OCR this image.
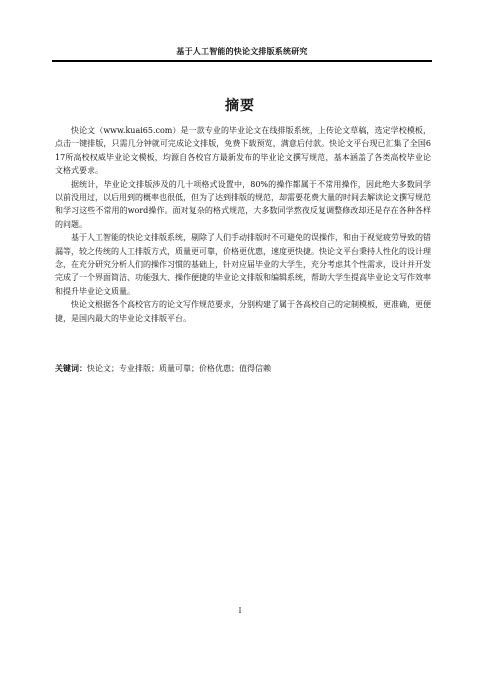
基于人工智能的快论文排版系统研究
摘要

快论文（www.kuai65.com）是一款专业的毕业论文在线排版系统，上传论文草稿，选定学校模板，点击一键排版，只需几分钟就可完成论文排版，免费下载预览，满意后付款。快论文平台现已汇集了全国617所高校权威毕业论文模板，均源自各校官方最新发布的毕业论文撰写规范，基本涵盖了各类高校毕业论文格式要求。

据统计，毕业论文排版涉及的几十项格式设置中，80%的操作都属于不常用操作，因此绝大多数同学以前没用过，以后用到的概率也很低，但为了达到排版的规范，却需要花费大量的时间去解读论文撰写规范和学习这些不常用的word操作。面对复杂的格式规范，大多数同学熬夜反复调整修改却还是存在各种各样的问题。

基于人工智能的快论文排版系统，剔除了人们手动排版时不可避免的误操作，和由于视觉疲劳导致的错漏等，较之传统的人工排版方式，质量更可靠，价格更优惠，速度更快捷。快论文平台秉持人性化的设计理念，在充分研究分析人们的操作习惯的基础上，针对应届毕业的大学生，充分考虑其个性需求，设计并开发完成了一个界面简洁、功能强大、操作便捷的毕业论文排版和编辑系统，帮助大学生提高毕业论文写作效率和提升毕业论文质量。

快论文根据各个高校官方的论文写作规范要求，分别构建了属于各高校自己的定制模板，更准确，更便捷，是国内最大的毕业论文排版平台。

关键词：快论文；专业排版；质量可靠；价格优惠；值得信赖
I
